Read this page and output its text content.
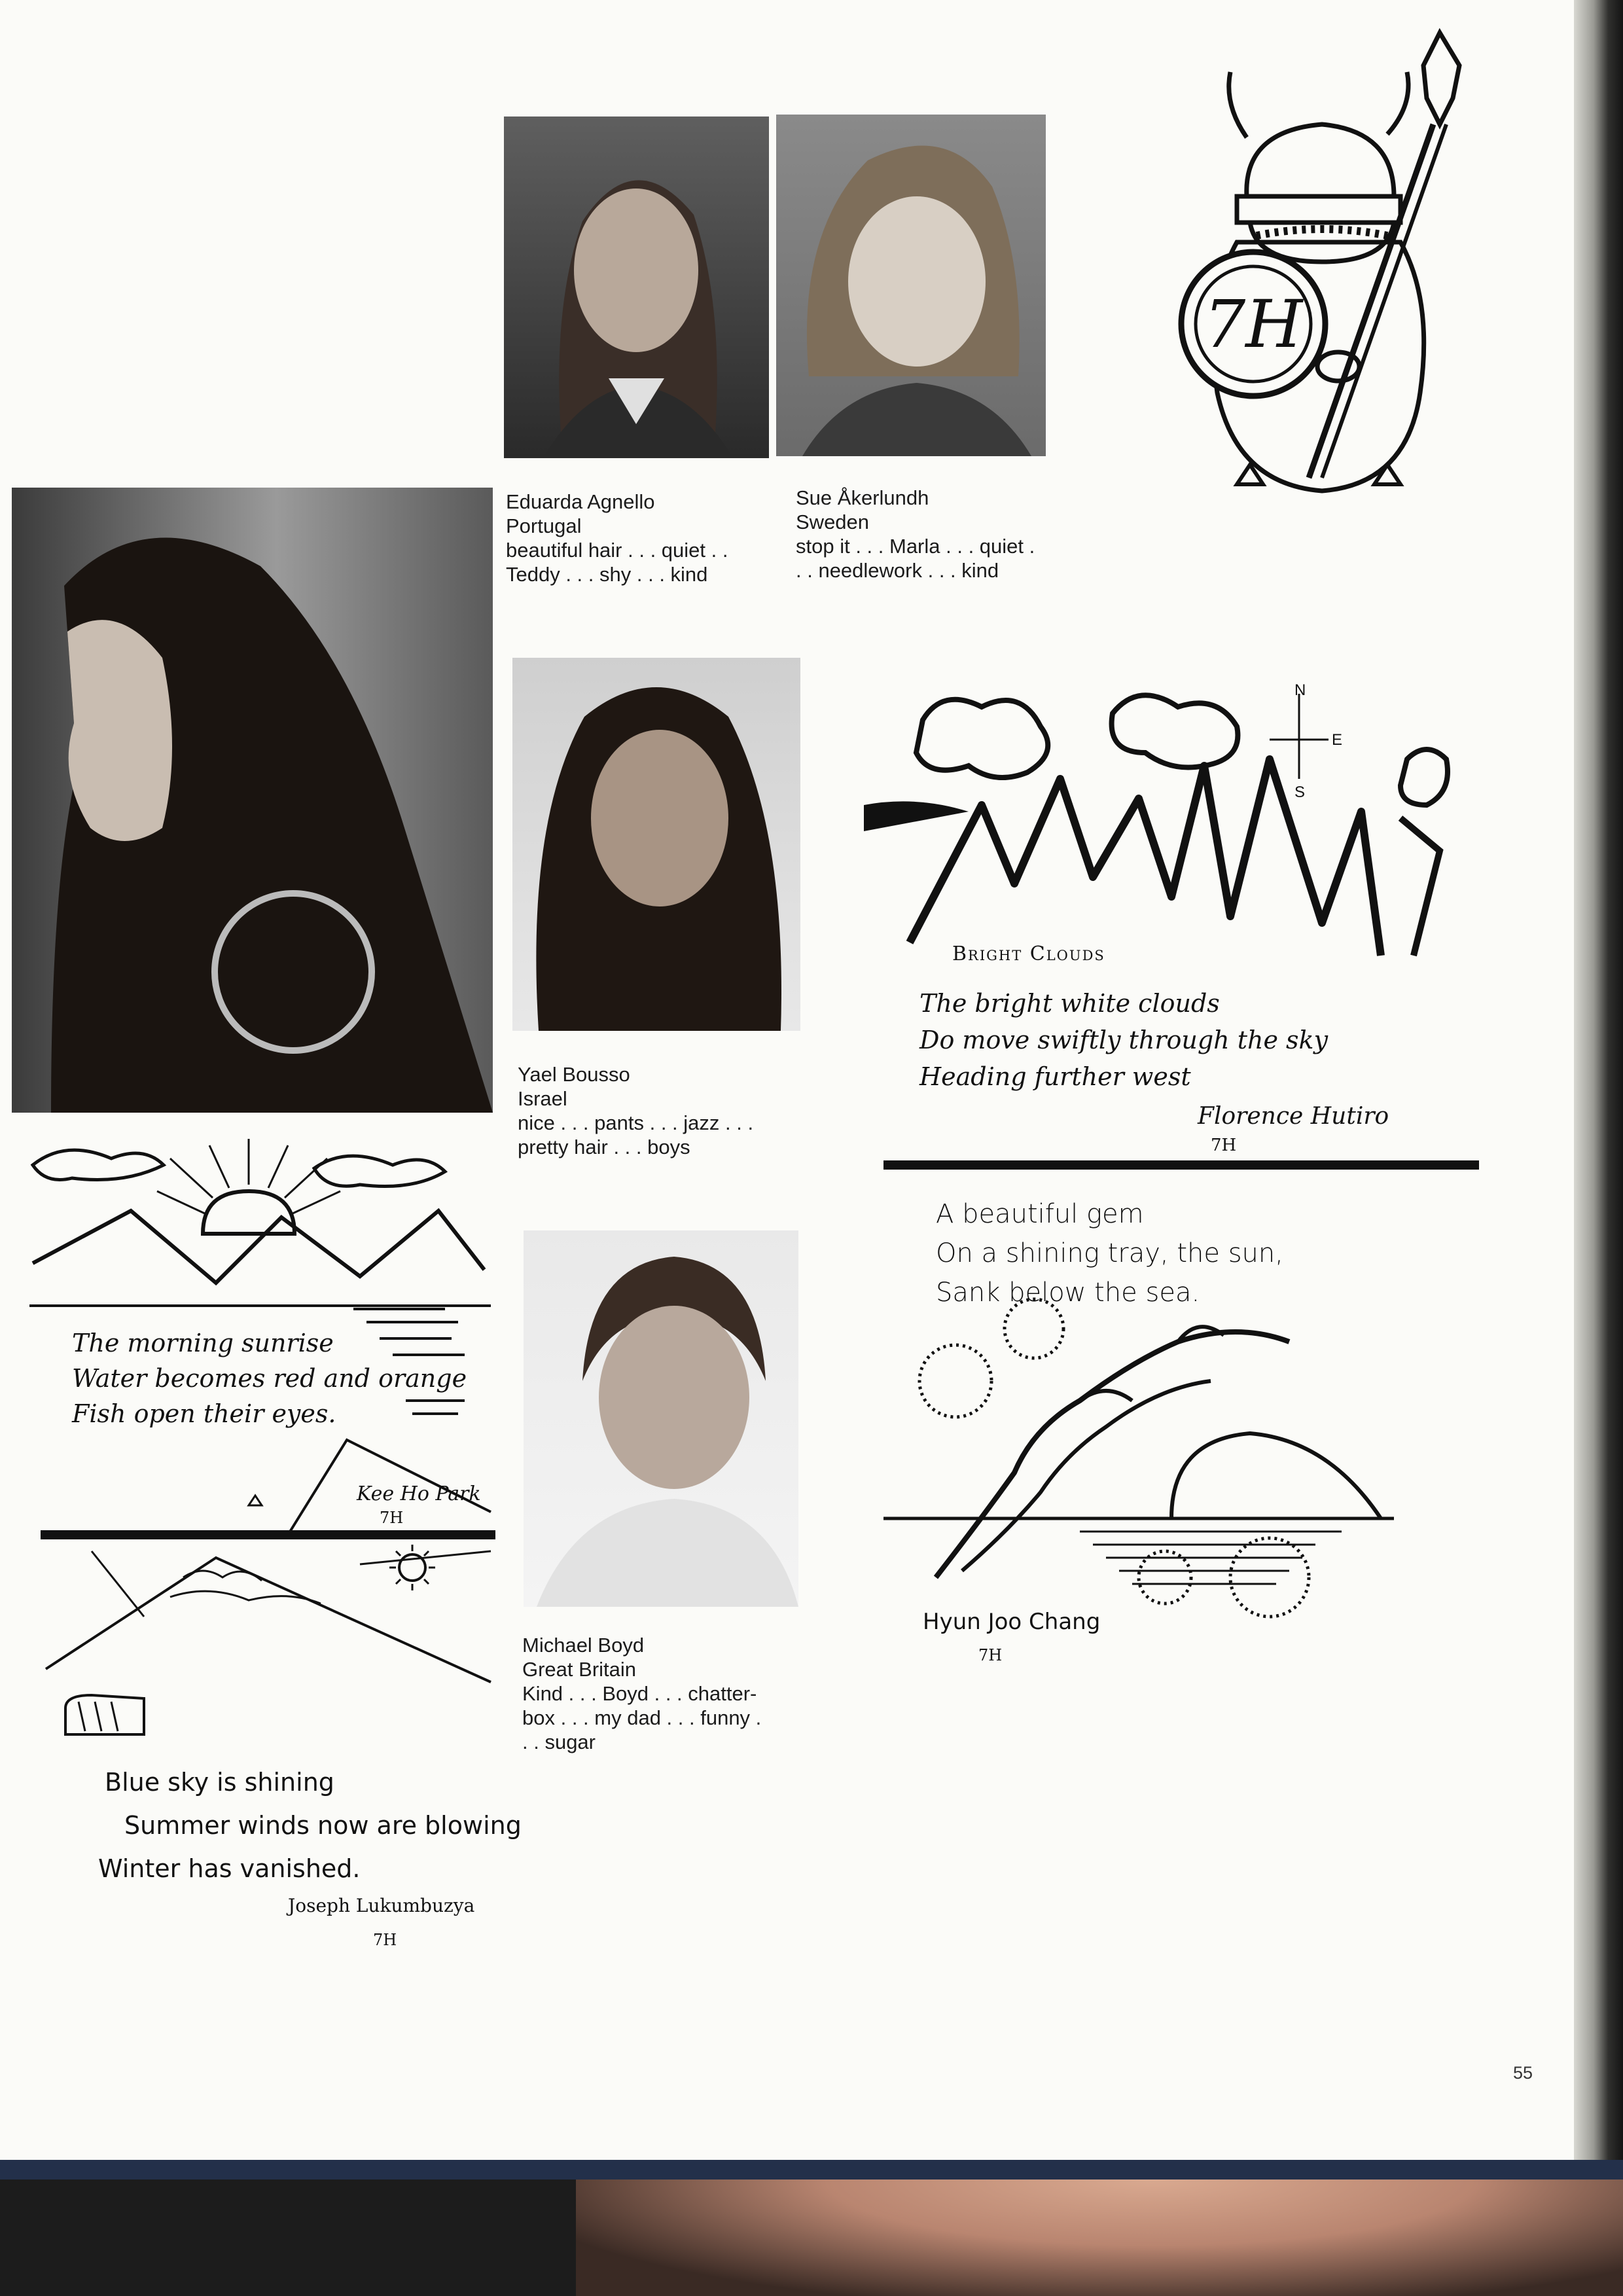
Eduarda Agnello
Portugal
beautiful hair . . . quiet . .
Teddy . . . shy . . . kind
Sue Åkerlundh
Sweden
stop it . . . Marla . . . quiet .
. . needlework . . . kind
Yael Bousso
Israel
nice . . . pants . . . jazz . . .
pretty hair . . . boys
Michael Boyd
Great Britain
Kind . . . Boyd . . . chatter-
box . . . my dad . . . funny .
. . sugar
7H
N
E
S
Bright Clouds
The bright white clouds
Do move swiftly through the sky
Heading further west
Florence Hutiro
7H
A beautiful gem
On a shining tray, the sun,
Sank below the sea.
Hyun Joo Chang
7H
The morning sunrise
Water becomes red and orange
Fish open their eyes.
Kee Ho Park
7H
Blue sky is shining
Summer winds now are blowing
Winter has vanished.
Joseph Lukumbuzya
7H
55
